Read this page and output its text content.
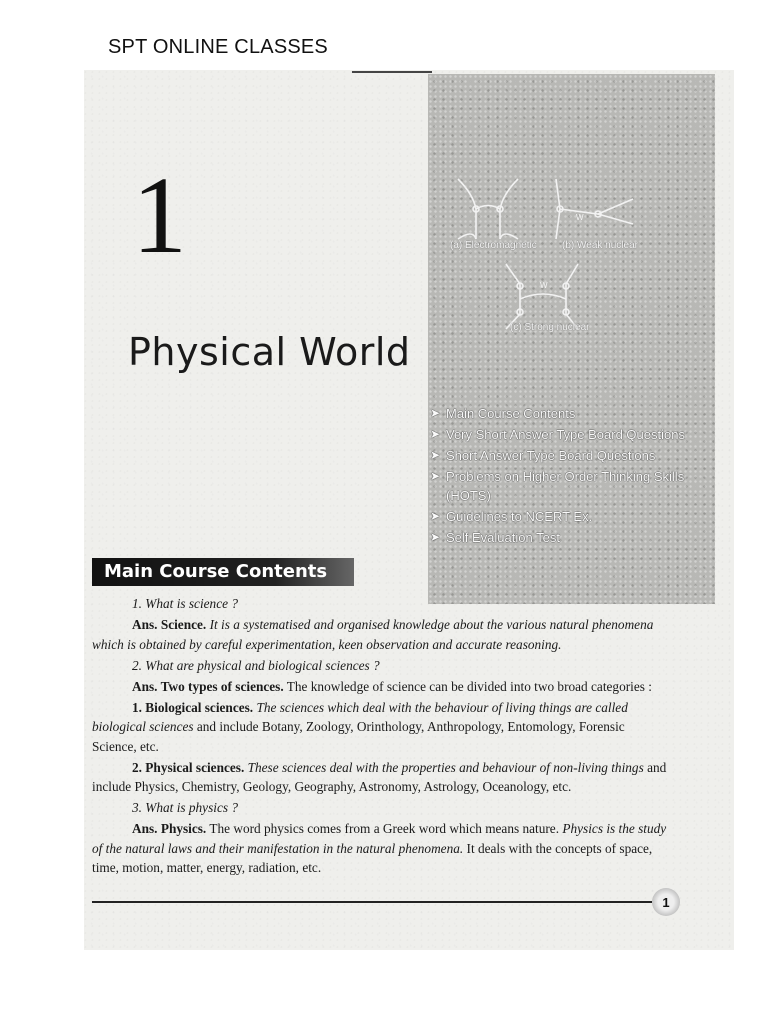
SPT ONLINE CLASSES
1
Physical World
W
W
(a) Electromagnetic	(b) Weak nuclear
(c) Strong nuclear
➤ Main Course Contents
➤ Very Short Answer Type Board Questions
➤ Short Answer Type Board Questions
➤ Problems on Higher Order Thinking Skills (HOTS)
➤ Guidelines to NCERT Ex.
➤ Self Evaluation Test
Main Course Contents

1. What is science ?

Ans. Science. It is a systematised and organised knowledge about the various natural phenomena which is obtained by careful experimentation, keen observation and accurate reasoning.

2. What are physical and biological sciences ?

Ans. Two types of sciences. The knowledge of science can be divided into two broad categories :

1. Biological sciences. The sciences which deal with the behaviour of living things are called biological sciences and include Botany, Zoology, Orinthology, Anthropology, Entomology, Forensic Science, etc.

2. Physical sciences. These sciences deal with the properties and behaviour of non-living things and include Physics, Chemistry, Geology, Geography, Astronomy, Astrology, Oceanology, etc.

3. What is physics ?

Ans. Physics. The word physics comes from a Greek word which means nature. Physics is the study of the natural laws and their manifestation in the natural phenomena. It deals with the concepts of space, time, motion, matter, energy, radiation, etc.

1
